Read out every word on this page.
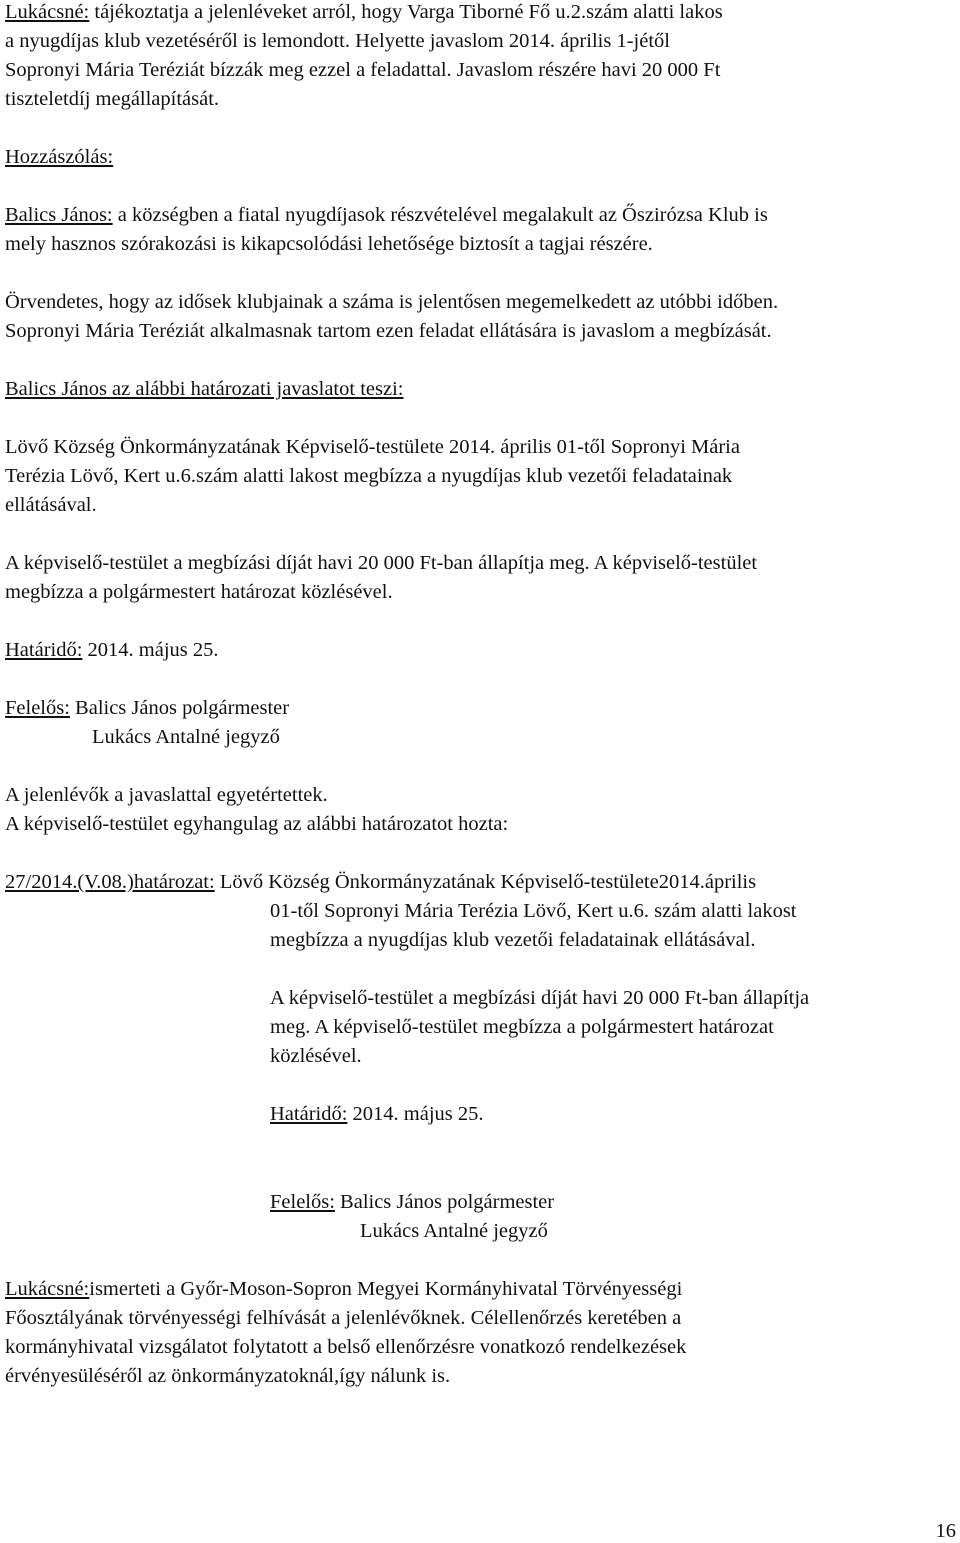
Lukácsné: tájékoztatja a jelenléveket arról, hogy Varga Tiborné Fő u.2.szám alatti lakos
a nyugdíjas klub vezetéséről is lemondott. Helyette javaslom 2014. április 1-jétől
Sopronyi Mária Teréziát bízzák meg ezzel a feladattal. Javaslom részére havi 20 000 Ft
tiszteletdíj megállapítását.
Hozzászólás:
Balics János: a községben a fiatal nyugdíjasok részvételével megalakult az Őszirózsa Klub is
mely hasznos szórakozási is kikapcsolódási lehetősége biztosít a tagjai részére.
Örvendetes, hogy az idősek klubjainak a száma is jelentősen megemelkedett az utóbbi időben.
Sopronyi Mária Teréziát alkalmasnak tartom ezen feladat ellátására is javaslom a megbízását.
Balics János az alábbi határozati javaslatot teszi:
Lövő Község Önkormányzatának Képviselő-testülete 2014. április 01-től Sopronyi Mária
Terézia Lövő, Kert u.6.szám alatti lakost megbízza a nyugdíjas klub vezetői feladatainak
ellátásával.
A képviselő-testület a megbízási díját havi 20 000 Ft-ban állapítja meg. A képviselő-testület
megbízza a polgármestert határozat közlésével.
Határidő: 2014. május 25.
Felelős: Balics János polgármester
Lukács Antalné jegyző
A jelenlévők a javaslattal egyetértettek.
A képviselő-testület egyhangulag az alábbi határozatot hozta:
27/2014.(V.08.)határozat: Lövő Község Önkormányzatának Képviselő-testülete2014.április
01-től Sopronyi Mária Terézia Lövő, Kert u.6. szám alatti lakost
megbízza a nyugdíjas klub vezetői feladatainak ellátásával.
A képviselő-testület a megbízási díját havi 20 000 Ft-ban állapítja
meg. A képviselő-testület megbízza a polgármestert határozat
közlésével.
Határidő: 2014. május 25.
Felelős: Balics János polgármester
Lukács Antalné jegyző
Lukácsné:ismerteti a Győr-Moson-Sopron Megyei Kormányhivatal Törvényességi
Főosztályának törvényességi felhívását a jelenlévőknek. Célellenőrzés keretében a
kormányhivatal vizsgálatot folytatott a belső ellenőrzésre vonatkozó rendelkezések
érvényesüléséről az önkormányzatoknál,így nálunk is.
16
